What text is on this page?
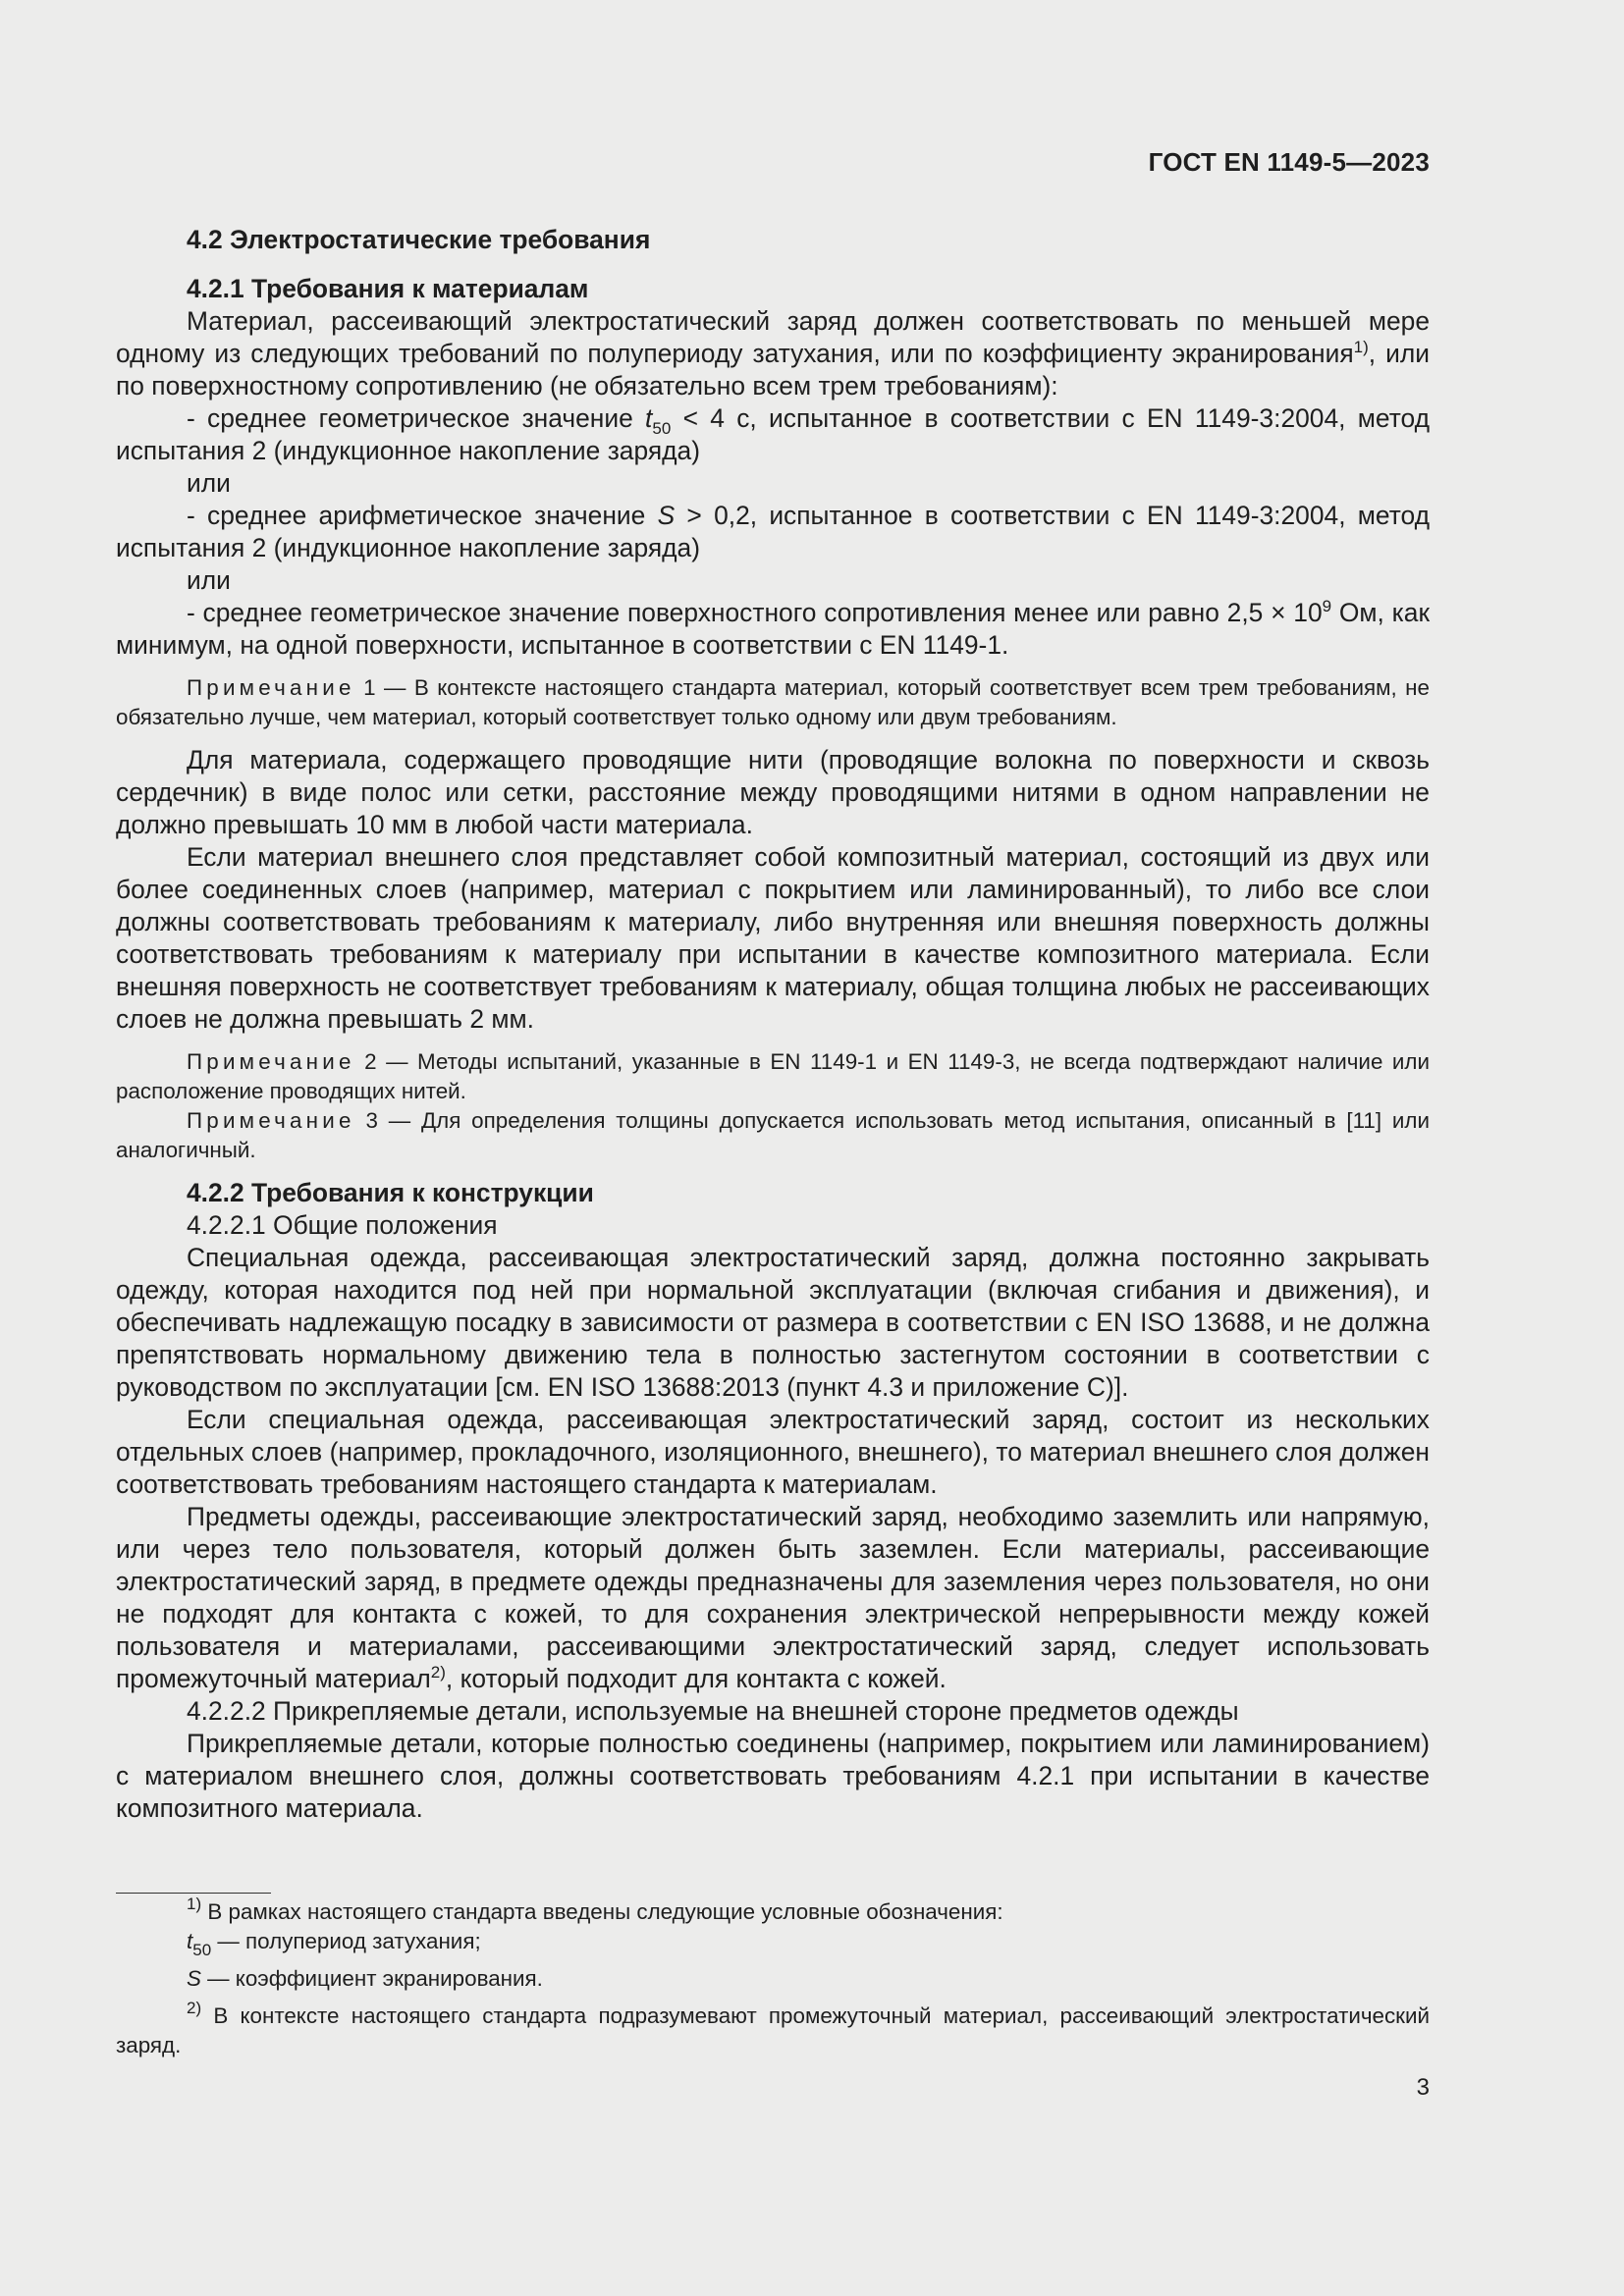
ГОСТ EN 1149-5—2023

4.2 Электростатические требования

4.2.1 Требования к материалам

Материал, рассеивающий электростатический заряд должен соответствовать по меньшей мере одному из следующих требований по полупериоду затухания, или по коэффициенту экранирования$^{1)}$, или по поверхностному сопротивлению (не обязательно всем трем требованиям):

- среднее геометрическое значение $t_{50} < 4$ с, испытанное в соответствии с EN 1149-3:2004, метод испытания 2 (индукционное накопление заряда)

или

- среднее арифметическое значение S > 0,2, испытанное в соответствии с EN 1149-3:2004, метод испытания 2 (индукционное накопление заряда)

или

- среднее геометрическое значение поверхностного сопротивления менее или равно $2,5 \times 10^9$ Ом, как минимум, на одной поверхности, испытанное в соответствии с EN 1149-1.

Примечание 1 — В контексте настоящего стандарта материал, который соответствует всем трем требованиям, не обязательно лучше, чем материал, который соответствует только одному или двум требованиям.

Для материала, содержащего проводящие нити (проводящие волокна по поверхности и сквозь сердечник) в виде полос или сетки, расстояние между проводящими нитями в одном направлении не должно превышать 10 мм в любой части материала.

Если материал внешнего слоя представляет собой композитный материал, состоящий из двух или более соединенных слоев (например, материал с покрытием или ламинированный), то либо все слои должны соответствовать требованиям к материалу, либо внутренняя или внешняя поверхность должны соответствовать требованиям к материалу при испытании в качестве композитного материала. Если внешняя поверхность не соответствует требованиям к материалу, общая толщина любых не рассеивающих слоев не должна превышать 2 мм.

Примечание 2 — Методы испытаний, указанные в EN 1149-1 и EN 1149-3, не всегда подтверждают наличие или расположение проводящих нитей.

Примечание 3 — Для определения толщины допускается использовать метод испытания, описанный в [11] или аналогичный.

4.2.2 Требования к конструкции

4.2.2.1 Общие положения

Специальная одежда, рассеивающая электростатический заряд, должна постоянно закрывать одежду, которая находится под ней при нормальной эксплуатации (включая сгибания и движения), и обеспечивать надлежащую посадку в зависимости от размера в соответствии с EN ISO 13688, и не должна препятствовать нормальному движению тела в полностью застегнутом состоянии в соответствии с руководством по эксплуатации [см. EN ISO 13688:2013 (пункт 4.3 и приложение С)].

Если специальная одежда, рассеивающая электростатический заряд, состоит из нескольких отдельных слоев (например, прокладочного, изоляционного, внешнего), то материал внешнего слоя должен соответствовать требованиям настоящего стандарта к материалам.

Предметы одежды, рассеивающие электростатический заряд, необходимо заземлить или напрямую, или через тело пользователя, который должен быть заземлен. Если материалы, рассеивающие электростатический заряд, в предмете одежды предназначены для заземления через пользователя, но они не подходят для контакта с кожей, то для сохранения электрической непрерывности между кожей пользователя и материалами, рассеивающими электростатический заряд, следует использовать промежуточный материал$^{2)}$, который подходит для контакта с кожей.

4.2.2.2 Прикрепляемые детали, используемые на внешней стороне предметов одежды

Прикрепляемые детали, которые полностью соединены (например, покрытием или ламинированием) с материалом внешнего слоя, должны соответствовать требованиям 4.2.1 при испытании в качестве композитного материала.

$^{1)}$ В рамках настоящего стандарта введены следующие условные обозначения:

$t_{50}$ — полупериод затухания;

S — коэффициент экранирования.

$^{2)}$ В контексте настоящего стандарта подразумевают промежуточный материал, рассеивающий электростатический заряд.

3
